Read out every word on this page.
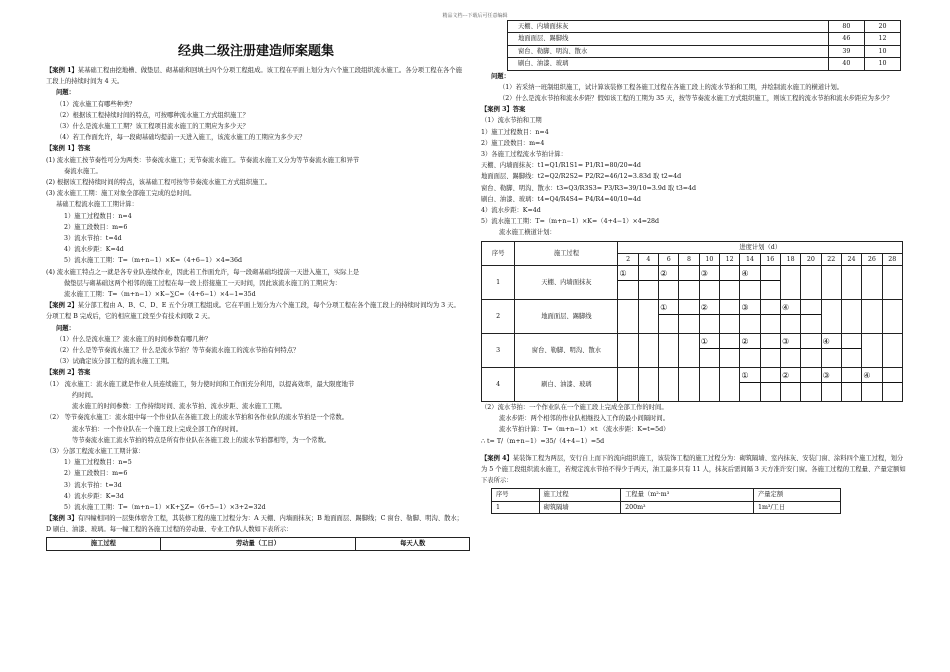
精品文档---下载后可任意编辑
经典二级注册建造师案题集

【案例 1】某基础工程由挖地槽、做垫层、砌基础和回填土四个分项工程组成。该工程在平面上划分为六个施工段组织流水施工。各分项工程在各个施工段上的持续时间为 4 天。

问题：

（1）流水施工有哪些种类？

（2）根据该工程持续时间的特点，可按哪种流水施工方式组织施工？

（3）什么是流水施工工期？该工程项目流水施工的工期应为多少天？

（4）若工作面允许，每一段砌基础均提前一天进入施工，该流水施工的工期应为多少天？

【案例 1】答案

(1) 流水施工按节奏性可分为两类：节奏流水施工；无节奏流水施工。节奏流水施工又分为等节奏流水施工和异节

奏流水施工。

(2) 根据该工程持续时间的特点，该基础工程可按等节奏流水施工方式组织施工。

(3) 流水施工工期：施工对象全部施工完成的总时间。

基础工程流水施工工期计算：

1）施工过程数目：n=4

2）施工段数目：m=6

3）流水节拍：t=4d

4）流水步距：K=4d

5）流水施工工期：T=（m+n−1）×K=（4+6−1）×4=36d

(4) 流水施工特点之一就是各专业队连续作业，因此若工作面允许，每一段砌基础均提前一天进入施工，实际上是

做垫层与砌基础这两个相邻的施工过程在每一段上搭接施工一天时间，因此该流水施工的工期应为：

流水施工工期：T=（m+n−1）×K−∑C=（4+6−1）×4−1=35d

【案例 2】某分部工程由 A、B、C、D、E 五个分项工程组成。它在平面上划分为六个施工段，每个分项工程在各个施工段上的持续时间均为 3 天。分项工程 B 完成后，它的相应施工段至少有技术间歇 2 天。

问题：

（1）什么是流水施工？流水施工的时间参数有哪几种？

（2）什么是等节奏流水施工？什么是流水节拍？等节奏流水施工的流水节拍有何特点？

（3）试确定该分部工程的流水施工工期。

【案例 2】答案

（1） 流水施工：流水施工就是作业人员连续施工，努力使时间和工作面充分利用，以提高效率，最大限度地节

约时间。

流水施工的时间参数：工作持续时间、流水节拍、流水步距、流水施工工期。

（2） 等节奏流水施工：流水组中每一个作业队在各施工段上的流水节拍和各作业队的流水节拍是一个常数。

流水节拍：一个作业队在一个施工段上完成全部工作的时间。

等节奏流水施工流水节拍的特点是所有作业队在各施工段上的流水节拍都相等，为一个常数。

（3）分部工程流水施工工期计算：

1）施工过程数目：n=5

2）施工段数目：m=6

3）流水节拍：t=3d

4）流水步距：K=3d

5）流水施工工期：T=（m+n−1）×K+∑Z=（6+5−1）×3+2=32d

【案例 3】有四幢相同的一层集体宿舍工程，其装修工程的施工过程分为：A 天棚、内墙面抹灰；B 地面面层、踢脚线；C 窗台、勒脚、明沟、散水；D 刷白、油漆、玻璃。每一幢工程的各施工过程的劳动量、专业工作队人数如下表所示：

施工过程	劳动量（工日）	每天人数
天棚、内墙面抹灰	80	20
地面面层、踢脚线	46	12
窗台、勒脚、明沟、散水	39	10
刷白、油漆、玻璃	40	10

问题：

（1）若采纳一班制组织施工，试计算该装修工程各施工过程在各施工段上的流水节拍和工期，并绘制流水施工的横道计划。

（2）什么是流水节拍和流水步距？假如该工程的工期为 35 天，按等节奏流水施工方式组织施工，则该工程的流水节拍和流水步距应为多少？

【案例 3】答案

（1）流水节拍和工期

1）施工过程数目：n=4

2）施工段数目：m=4

3）各施工过程流水节拍计算：

天棚、内墙面抹灰：t1=Q1/R1S1= P1/R1=80/20=4d

地面面层、踢脚线：t2=Q2/R2S2= P2/R2=46/12=3.83d 取 t2=4d

窗台、勒脚、明沟、散水：t3=Q3/R3S3= P3/R3=39/10=3.9d 取 t3=4d

刷白、油漆、玻璃：t4=Q4/R4S4= P4/R4=40/10=4d

4）流水步距：K=4d

5）流水施工工期：T=（m+n−1）×K=（4+4−1）×4=28d

流水施工横道计划：

序号	施工过程	进度计划（d）													
		2	4	6	8	10	12	14	16	18	20	22	24	26	28
1	天棚、内墙面抹灰	①		②		③		④							

2	地面面层、踢脚线			①		②		③		④					

3	窗台、勒脚、明沟、散水					①		②		③		④			

4	刷白、油漆、玻璃							①		②		③		④	

（2）流水节拍：一个作业队在一个施工段上完成全部工作的时间。

流水步距：两个相邻的作业队相继投入工作的最小间隔时间。

流水节拍计算：T=（m+n−1）×t （流水步距：K=t=5d）

∴ t= T/（m+n−1）=35/（4+4−1）=5d

【案例 4】某装饰工程为两层，安行自上而下的流向组织施工，该装饰工程的施工过程分为：砌筑隔墙、室内抹灰、安装门窗、涂料四个施工过程，划分为 5 个施工段组织流水施工，若规定流水节拍不得少于两天，油工最多只有 11 人，抹灰后需间隔 3 天方准许安门窗。各施工过程的工程量、产量定额如下表所示：

序号	施工过程	工程量（m²·m³	产量定额
1	砌筑隔墙	200m³	1m³/工日
